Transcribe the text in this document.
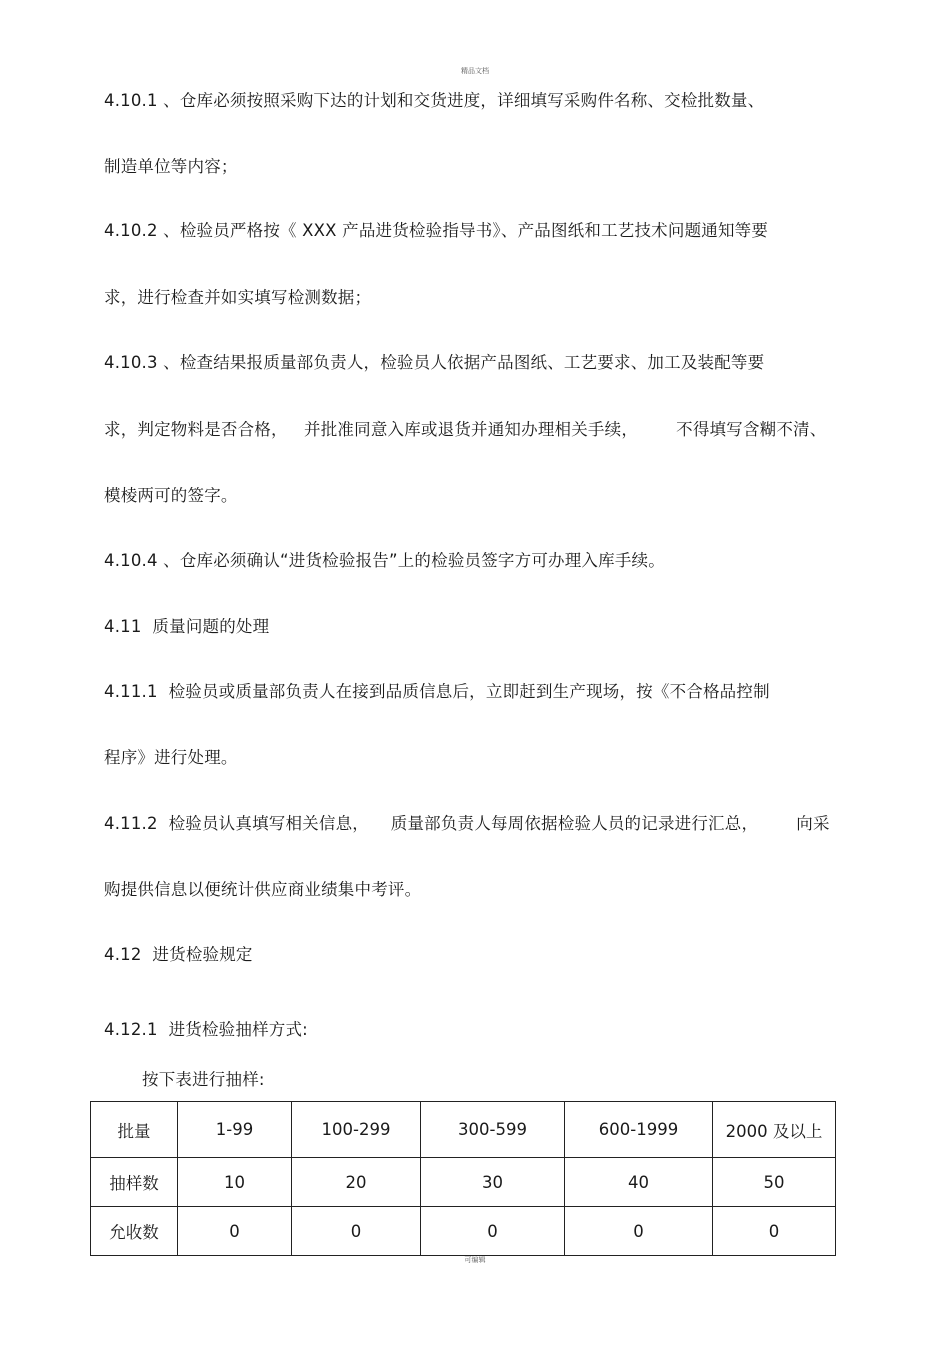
精品文档
4.10.1 、仓库必须按照采购下达的计划和交货进度，详细填写采购件名称、交检批数量、
制造单位等内容；
4.10.2 、检验员严格按《 XXX 产品进货检验指导书》、产品图纸和工艺技术问题通知等要
求，进行检查并如实填写检测数据；
4.10.3 、检查结果报质量部负责人，检验员人依据产品图纸、工艺要求、加工及装配等要
求，判定物料是否合格，   并批准同意入库或退货并通知办理相关手续，       不得填写含糊不清、
模棱两可的签字。
4.10.4 、仓库必须确认“进货检验报告”上的检验员签字方可办理入库手续。
4.11  质量问题的处理
4.11.1  检验员或质量部负责人在接到品质信息后，立即赶到生产现场，按《不合格品控制
程序》进行处理。
4.11.2  检验员认真填写相关信息，    质量部负责人每周依据检验人员的记录进行汇总，       向采
购提供信息以便统计供应商业绩集中考评。
4.12  进货检验规定
4.12.1  进货检验抽样方式:
按下表进行抽样:
批量	1-99	100-299	300-599	600-1999	2000 及以上
抽样数	10	20	30	40	50
允收数	0	0	0	0	0
可编辑
